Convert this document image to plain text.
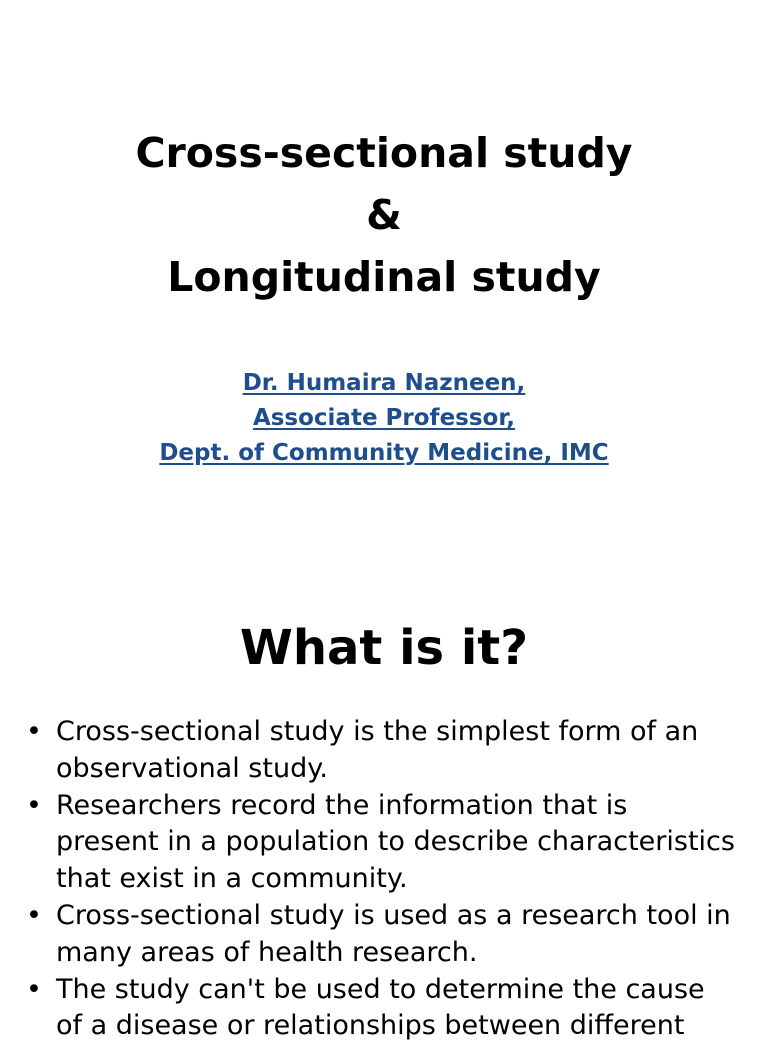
Cross-sectional study
&
Longitudinal study
Dr. Humaira Nazneen,
Associate Professor,
Dept. of Community Medicine, IMC
What is it?
• Cross-sectional study is the simplest form of an observational study.
• Researchers record the information that is present in a population to describe characteristics that exist in a community.
• Cross-sectional study is used as a research tool in many areas of health research.
• The study can't be used to determine the cause of a disease or relationships between different
